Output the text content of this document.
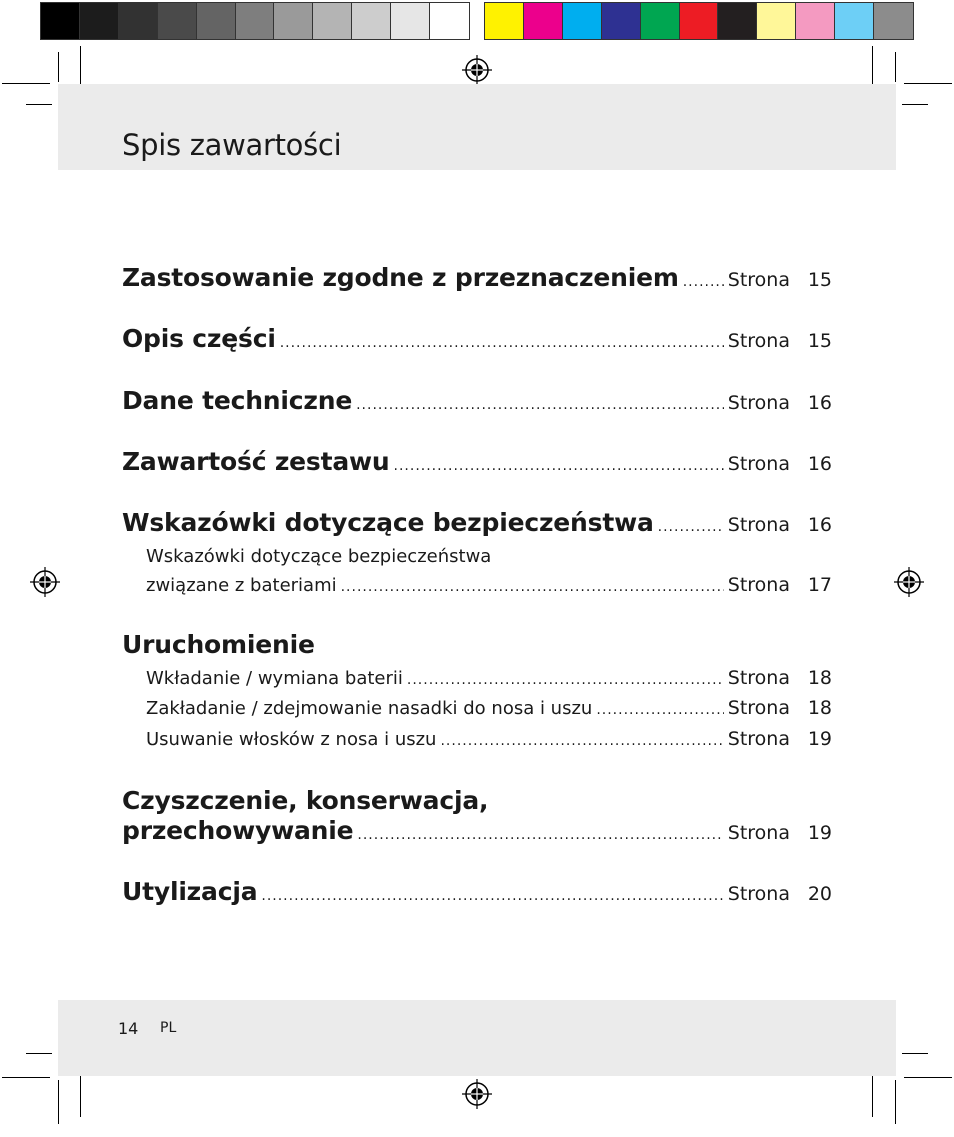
Spis zawartości
Zastosowanie zgodne z przeznaczeniem .....	Strona 15
Opis części .....	Strona 15
Dane techniczne .....	Strona 16
Zawartość zestawu .....	Strona 16
Wskazówki dotyczące bezpieczeństwa .....	Strona 16
Wskazówki dotyczące bezpieczeństwa
związane z bateriami .....	Strona 17
Uruchomienie
Wkładanie / wymiana baterii .....	Strona 18
Zakładanie / zdejmowanie nasadki do nosa i uszu .....	Strona 18
Usuwanie włosków z nosa i uszu .....	Strona 19
Czyszczenie, konserwacja,
przechowywanie .....	Strona 19
Utylizacja .....	Strona 20
14 PL
